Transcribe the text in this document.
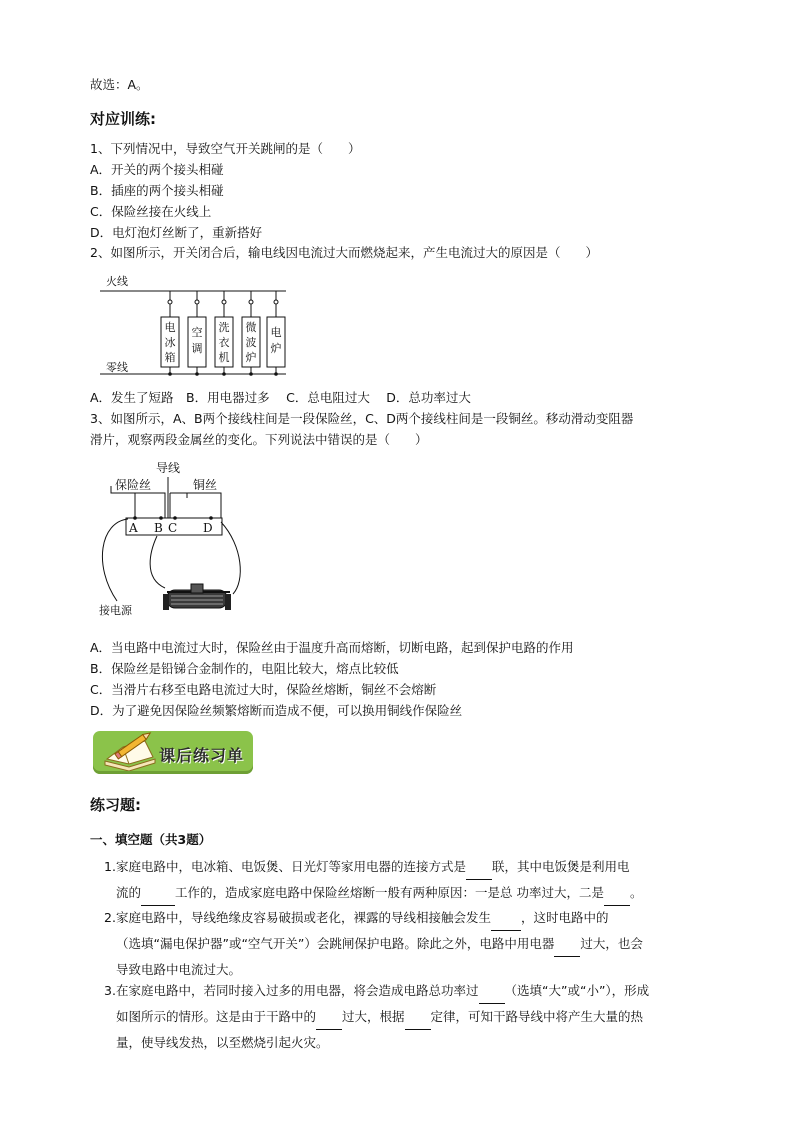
故选：A。
对应训练:
1、下列情况中，导致空气开关跳闸的是（　　）
A．开关的两个接头相碰
B．插座的两个接头相碰
C．保险丝接在火线上
D．电灯泡灯丝断了，重新搭好
2、如图所示，开关闭合后，输电线因电流过大而燃烧起来，产生电流过大的原因是（　　）
火线
零线
电冰箱
空调
洗衣机
微波炉
电炉
A．发生了短路　B．用电器过多　 C．总电阻过大　 D．总功率过大
3、如图所示，A、B两个接线柱间是一段保险丝，C、D两个接线柱间是一段铜丝。移动滑动变阻器
滑片，观察两段金属丝的变化。下列说法中错误的是（　　）
导线
保险丝	铜丝
A B C D
接电源
A．当电路中电流过大时，保险丝由于温度升高而熔断，切断电路，起到保护电路的作用
B．保险丝是铅锑合金制作的，电阻比较大，熔点比较低
C．当滑片右移至电路电流过大时，保险丝熔断，铜丝不会熔断
D．为了避免因保险丝频繁熔断而造成不便，可以换用铜线作保险丝
课后练习单
练习题:
一、填空题（共3题）
1. 家庭电路中，电冰箱、电饭煲、日光灯等家用电器的连接方式是 联，其中电饭煲是利用电
流的	工作的，造成家庭电路中保险丝熔断一般有两种原因：一是总 功率过大，二是 。
2. 家庭电路中，导线绝缘皮容易破损或老化，裸露的导线相接触会发生 ，这时电路中的
（选填“漏电保护器”或“空气开关”）会跳闸保护电路。除此之外，电路中用电器 过大，也会
导致电路中电流过大。
3. 在家庭电路中，若同时接入过多的用电器，将会造成电路总功率过 （选填“大”或“小”），形成
如图所示的情形。这是由于干路中的 过大，根据 定律，可知干路导线中将产生大量的热
量，使导线发热，以至燃烧引起火灾。
